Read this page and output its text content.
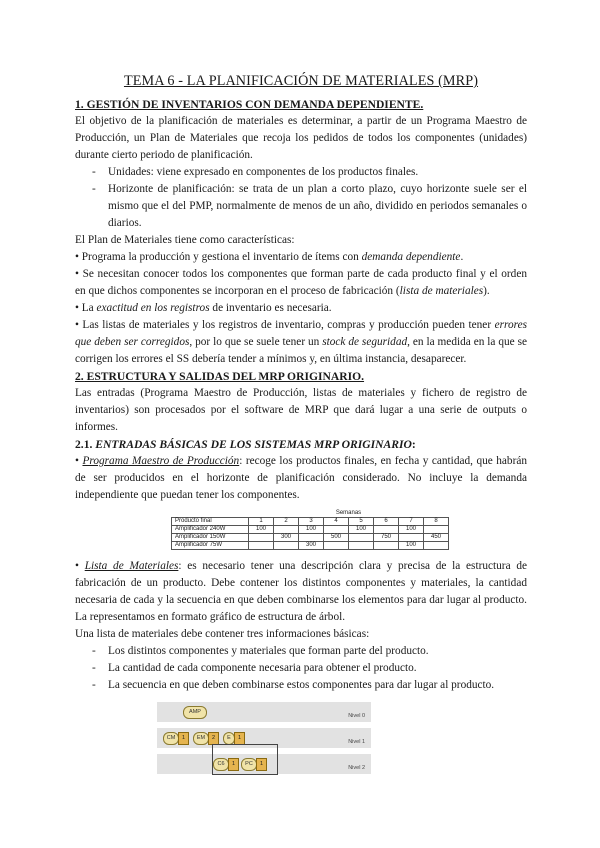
TEMA 6 - LA PLANIFICACIÓN DE MATERIALES (MRP)

1. GESTIÓN DE INVENTARIOS CON DEMANDA DEPENDIENTE.

El objetivo de la planificación de materiales es determinar, a partir de un Programa Maestro de Producción, un Plan de Materiales que recoja los pedidos de todos los componentes (unidades) durante cierto periodo de planificación.

- Unidades: viene expresado en componentes de los productos finales.
- Horizonte de planificación: se trata de un plan a corto plazo, cuyo horizonte suele ser el mismo que el del PMP, normalmente de menos de un año, dividido en periodos semanales o diarios.

El Plan de Materiales tiene como características:

• Programa la producción y gestiona el inventario de ítems con demanda dependiente.

• Se necesitan conocer todos los componentes que forman parte de cada producto final y el orden en que dichos componentes se incorporan en el proceso de fabricación (lista de materiales).

• La exactitud en los registros de inventario es necesaria.

• Las listas de materiales y los registros de inventario, compras y producción pueden tener errores que deben ser corregidos, por lo que se suele tener un stock de seguridad, en la medida en la que se corrigen los errores el SS debería tender a mínimos y, en última instancia, desaparecer.

2. ESTRUCTURA Y SALIDAS DEL MRP ORIGINARIO.

Las entradas (Programa Maestro de Producción, listas de materiales y fichero de registro de inventarios) son procesados por el software de MRP que dará lugar a una serie de outputs o informes.

2.1. ENTRADAS BÁSICAS DE LOS SISTEMAS MRP ORIGINARIO:

• Programa Maestro de Producción: recoge los productos finales, en fecha y cantidad, que habrán de ser producidos en el horizonte de planificación considerado. No incluye la demanda independiente que puedan tener los componentes.

	Semanas							
Producto final	1	2	3	4	5	6	7	8
Amplificador 240W	100		100		100		100	
Amplificador 150W		300		500		750		450
Amplificador 75W			300				100	

• Lista de Materiales: es necesario tener una descripción clara y precisa de la estructura de fabricación de un producto. Debe contener los distintos componentes y materiales, la cantidad necesaria de cada y la secuencia en que deben combinarse los elementos para dar lugar al producto. La representamos en formato gráfico de estructura de árbol.

Una lista de materiales debe contener tres informaciones básicas:

- Los distintos componentes y materiales que forman parte del producto.
- La cantidad de cada componente necesaria para obtener el producto.
- La secuencia en que deben combinarse estos componentes para dar lugar al producto.
Nivel 0
Nivel 1
Nivel 2
AMP
CM	1	EM	2	E	1
C6	1	PC	1
